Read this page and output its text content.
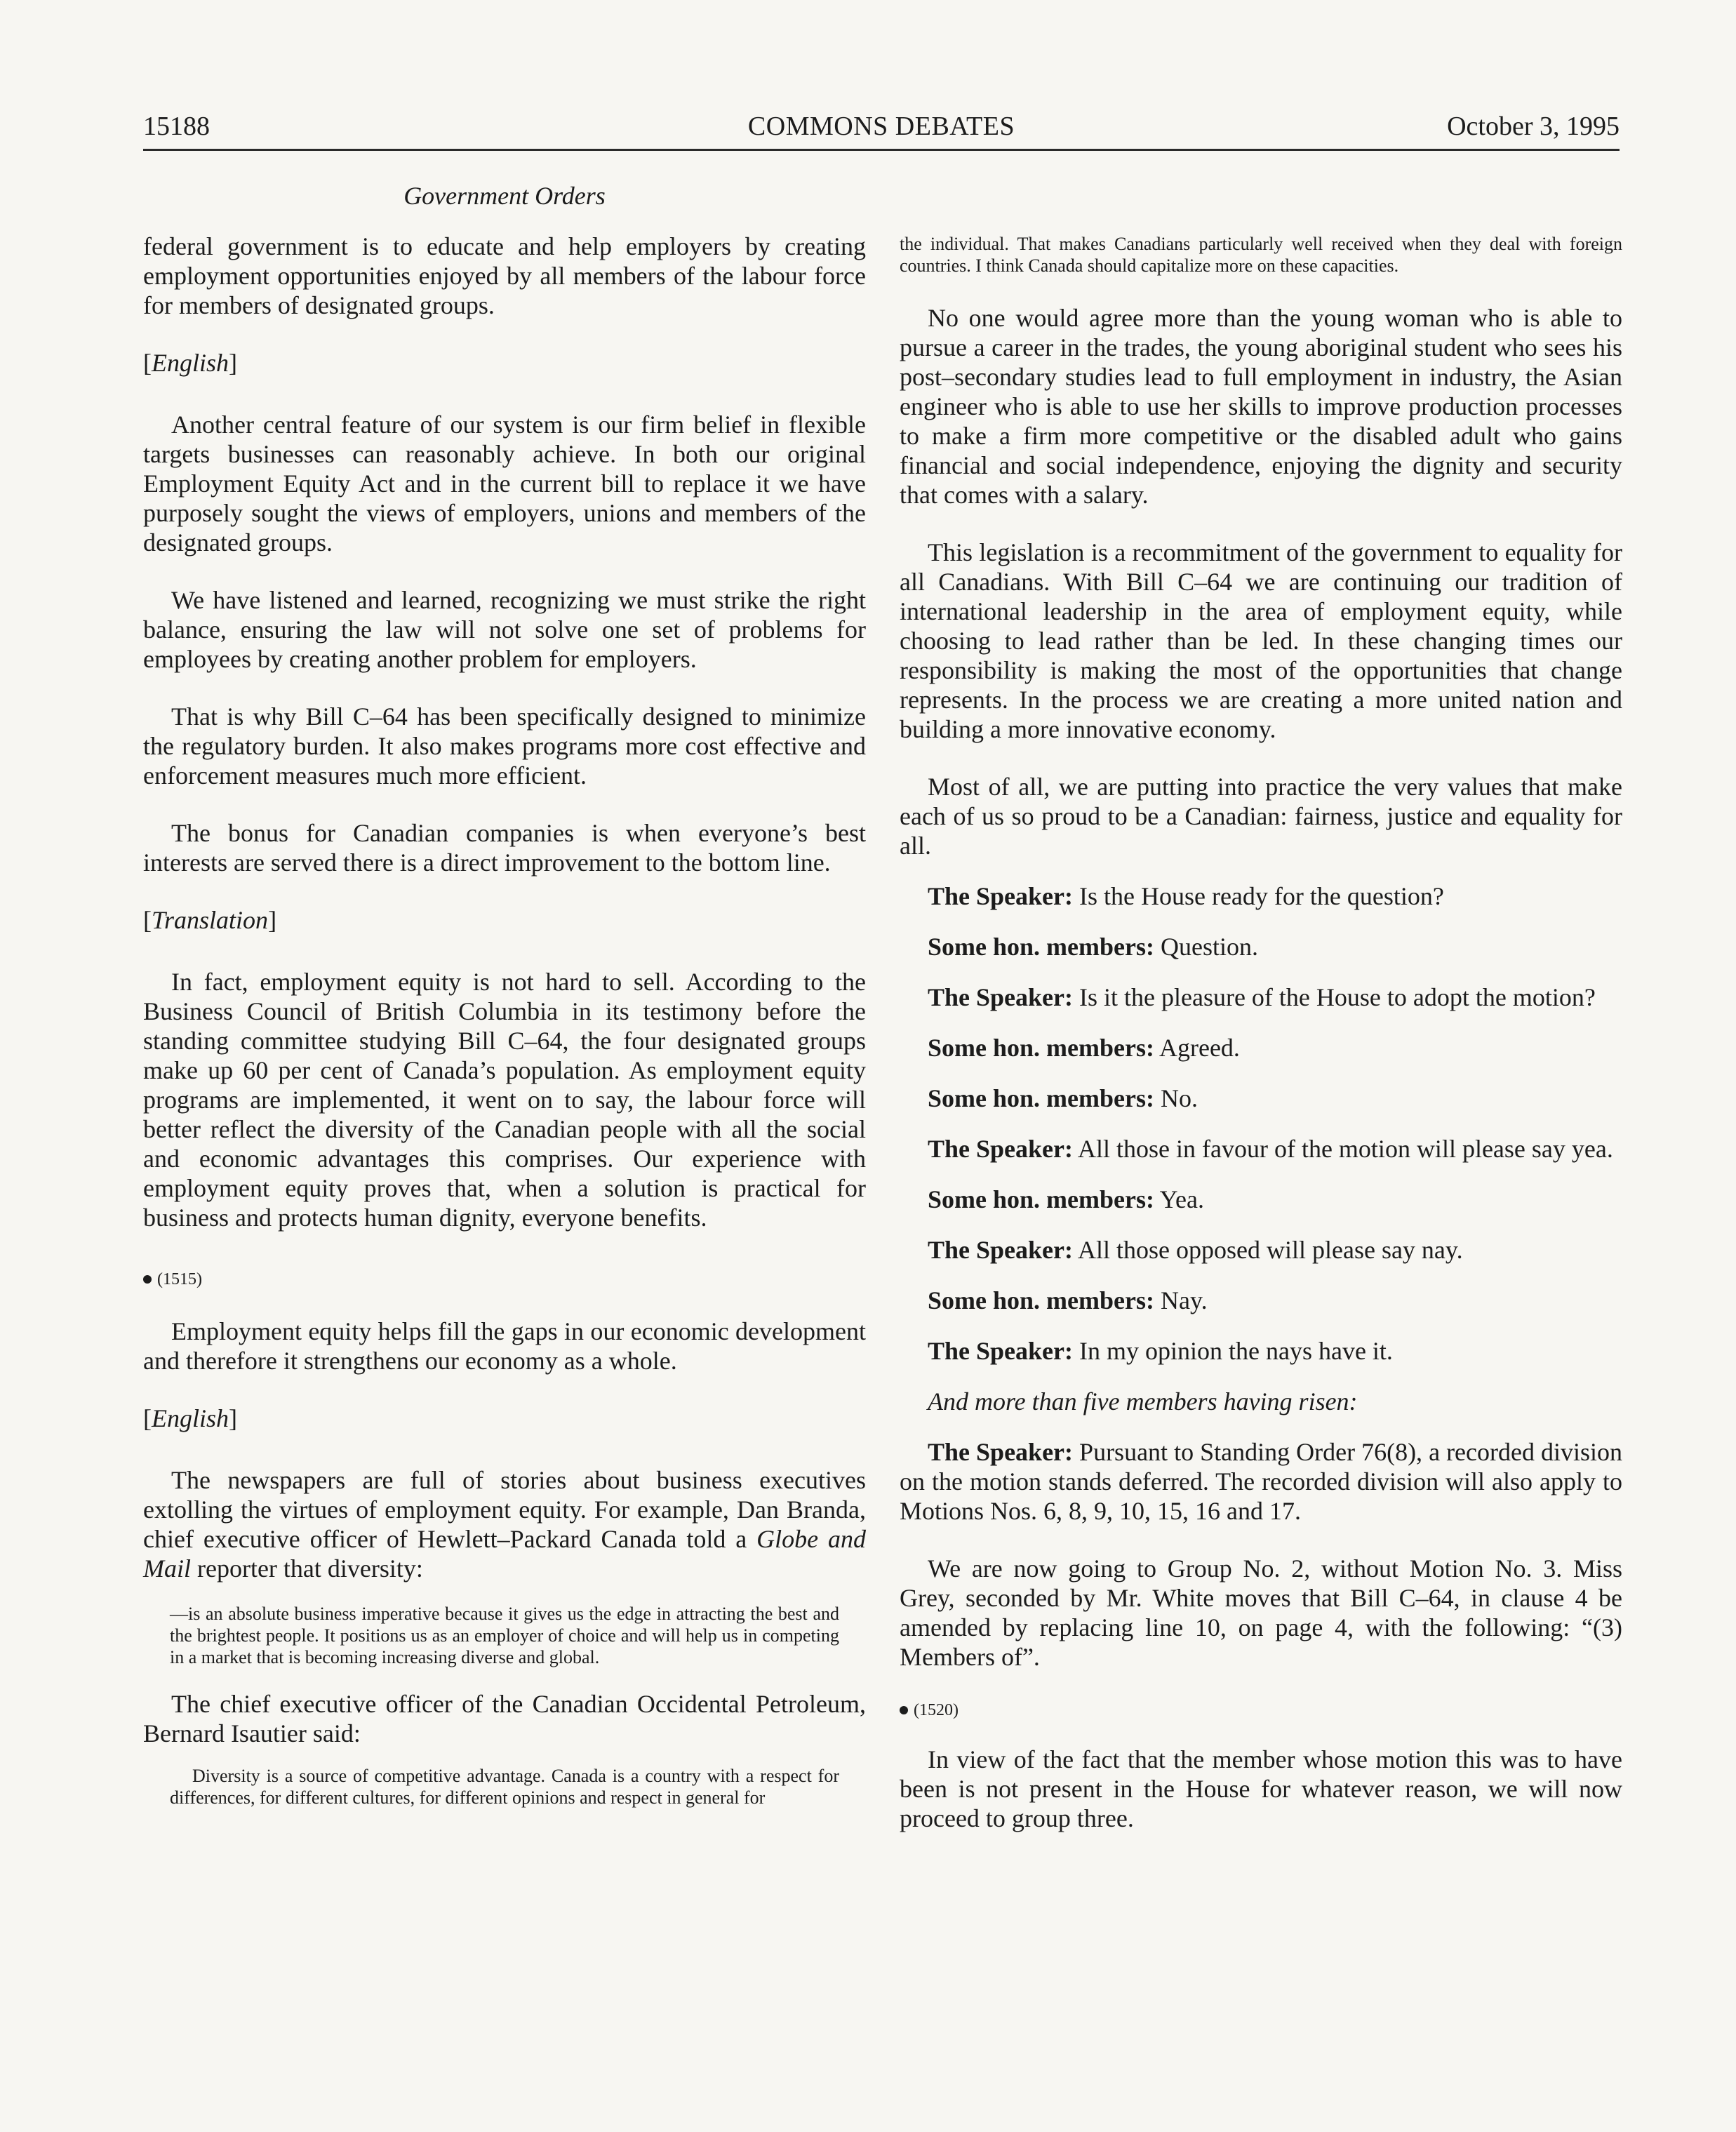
15188	COMMONS DEBATES	October 3, 1995
Government Orders

federal government is to educate and help employers by creating employment opportunities enjoyed by all members of the labour force for members of designated groups.

[English]

Another central feature of our system is our firm belief in flexible targets businesses can reasonably achieve. In both our original Employment Equity Act and in the current bill to replace it we have purposely sought the views of employers, unions and members of the designated groups.

We have listened and learned, recognizing we must strike the right balance, ensuring the law will not solve one set of problems for employees by creating another problem for employers.

That is why Bill C–64 has been specifically designed to minimize the regulatory burden. It also makes programs more cost effective and enforcement measures much more efficient.

The bonus for Canadian companies is when everyone’s best interests are served there is a direct improvement to the bottom line.

[Translation]

In fact, employment equity is not hard to sell. According to the Business Council of British Columbia in its testimony before the standing committee studying Bill C–64, the four designated groups make up 60 per cent of Canada’s population. As employment equity programs are implemented, it went on to say, the labour force will better reflect the diversity of the Canadian people with all the social and economic advantages this comprises. Our experience with employment equity proves that, when a solution is practical for business and protects human dignity, everyone benefits.

(1515)

Employment equity helps fill the gaps in our economic development and therefore it strengthens our economy as a whole.

[English]

The newspapers are full of stories about business executives extolling the virtues of employment equity. For example, Dan Branda, chief executive officer of Hewlett–Packard Canada told a Globe and Mail reporter that diversity:

—is an absolute business imperative because it gives us the edge in attracting the best and the brightest people. It positions us as an employer of choice and will help us in competing in a market that is becoming increasing diverse and global.

The chief executive officer of the Canadian Occidental Petroleum, Bernard Isautier said:

Diversity is a source of competitive advantage. Canada is a country with a respect for differences, for different cultures, for different opinions and respect in general for

the individual. That makes Canadians particularly well received when they deal with foreign countries. I think Canada should capitalize more on these capacities.

No one would agree more than the young woman who is able to pursue a career in the trades, the young aboriginal student who sees his post–secondary studies lead to full employment in industry, the Asian engineer who is able to use her skills to improve production processes to make a firm more competitive or the disabled adult who gains financial and social independence, enjoying the dignity and security that comes with a salary.

This legislation is a recommitment of the government to equality for all Canadians. With Bill C–64 we are continuing our tradition of international leadership in the area of employment equity, while choosing to lead rather than be led. In these changing times our responsibility is making the most of the opportunities that change represents. In the process we are creating a more united nation and building a more innovative economy.

Most of all, we are putting into practice the very values that make each of us so proud to be a Canadian: fairness, justice and equality for all.

The Speaker: Is the House ready for the question?

Some hon. members: Question.

The Speaker: Is it the pleasure of the House to adopt the motion?

Some hon. members: Agreed.

Some hon. members: No.

The Speaker: All those in favour of the motion will please say yea.

Some hon. members: Yea.

The Speaker: All those opposed will please say nay.

Some hon. members: Nay.

The Speaker: In my opinion the nays have it.

And more than five members having risen:

The Speaker: Pursuant to Standing Order 76(8), a recorded division on the motion stands deferred. The recorded division will also apply to Motions Nos. 6, 8, 9, 10, 15, 16 and 17.

We are now going to Group No. 2, without Motion No. 3. Miss Grey, seconded by Mr. White moves that Bill C–64, in clause 4 be amended by replacing line 10, on page 4, with the following: “(3) Members of”.

(1520)

In view of the fact that the member whose motion this was to have been is not present in the House for whatever reason, we will now proceed to group three.
